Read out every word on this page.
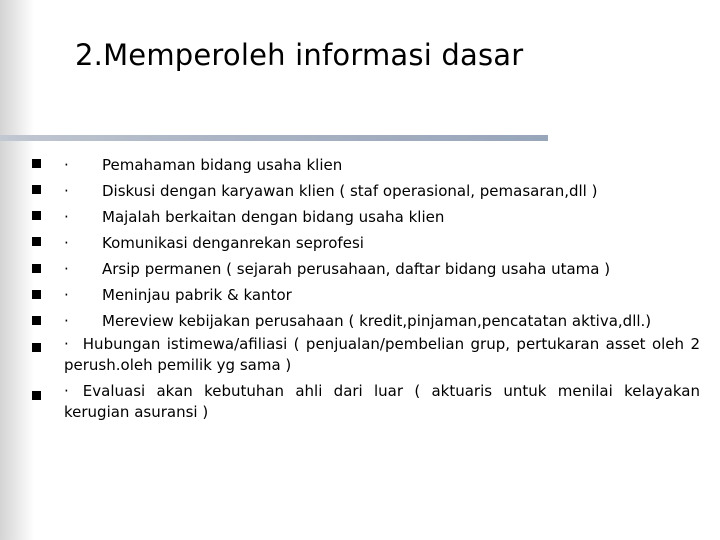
2.Memperoleh informasi dasar
· Pemahaman bidang usaha klien
· Diskusi dengan karyawan klien ( staf operasional, pemasaran,dll )
· Majalah berkaitan dengan bidang usaha klien
· Komunikasi denganrekan seprofesi
· Arsip permanen ( sejarah perusahaan, daftar bidang usaha utama )
· Meninjau pabrik & kantor
· Mereview kebijakan perusahaan ( kredit,pinjaman,pencatatan aktiva,dll.)
· Hubungan istimewa/afiliasi ( penjualan/pembelian grup, pertukaran asset oleh 2 perush.oleh pemilik yg sama )
· Evaluasi akan kebutuhan ahli dari luar ( aktuaris untuk menilai kelayakan kerugian asuransi )
